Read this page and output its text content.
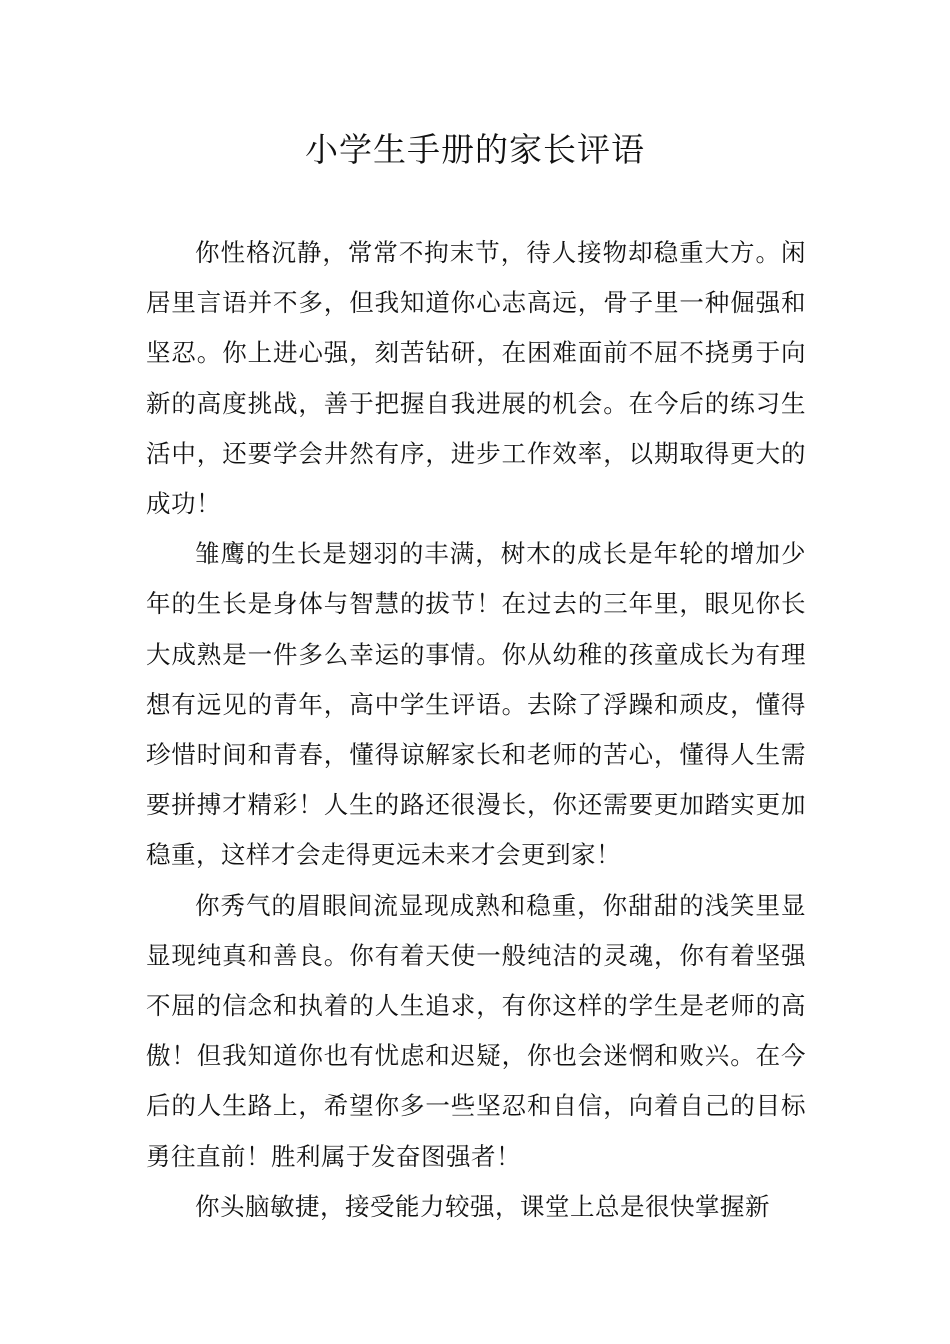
小学生手册的家长评语

你性格沉静，常常不拘末节，待人接物却稳重大方。闲居里言语并不多，但我知道你心志高远，骨子里一种倔强和坚忍。你上进心强，刻苦钻研，在困难面前不屈不挠勇于向新的高度挑战，善于把握自我进展的机会。在今后的练习生活中，还要学会井然有序，进步工作效率，以期取得更大的成功！

雏鹰的生长是翅羽的丰满，树木的成长是年轮的增加少年的生长是身体与智慧的拔节！在过去的三年里，眼见你长大成熟是一件多么幸运的事情。你从幼稚的孩童成长为有理想有远见的青年，高中学生评语。去除了浮躁和顽皮，懂得珍惜时间和青春，懂得谅解家长和老师的苦心，懂得人生需要拼搏才精彩！人生的路还很漫长，你还需要更加踏实更加稳重，这样才会走得更远未来才会更到家！

你秀气的眉眼间流显现成熟和稳重，你甜甜的浅笑里显显现纯真和善良。你有着天使一般纯洁的灵魂，你有着坚强不屈的信念和执着的人生追求，有你这样的学生是老师的高傲！但我知道你也有忧虑和迟疑，你也会迷惘和败兴。在今后的人生路上，希望你多一些坚忍和自信，向着自己的目标勇往直前！胜利属于发奋图强者！

你头脑敏捷，接受能力较强，课堂上总是很快掌握新
